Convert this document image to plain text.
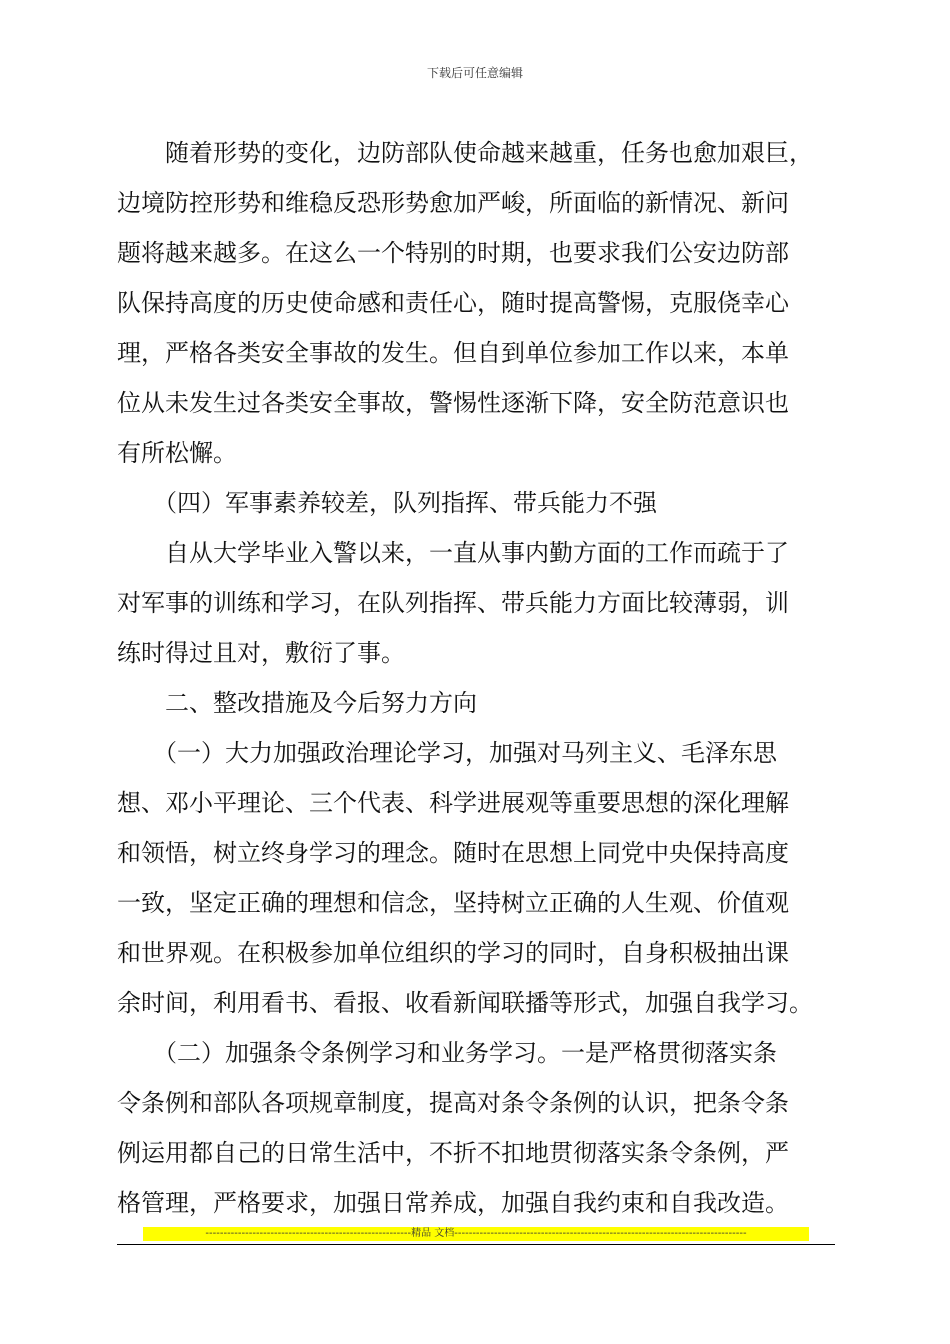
下载后可任意编辑

　　随着形势的变化，边防部队使命越来越重，任务也愈加艰巨，
边境防控形势和维稳反恐形势愈加严峻，所面临的新情况、新问
题将越来越多。在这么一个特别的时期，也要求我们公安边防部
队保持高度的历史使命感和责任心，随时提高警惕，克服侥幸心
理，严格各类安全事故的发生。但自到单位参加工作以来，本单
位从未发生过各类安全事故，警惕性逐渐下降，安全防范意识也
有所松懈。

　　（四）军事素养较差，队列指挥、带兵能力不强

　　自从大学毕业入警以来，一直从事内勤方面的工作而疏于了
对军事的训练和学习，在队列指挥、带兵能力方面比较薄弱，训
练时得过且对，敷衍了事。

　　二、整改措施及今后努力方向

　　（一）大力加强政治理论学习，加强对马列主义、毛泽东思
想、邓小平理论、三个代表、科学进展观等重要思想的深化理解
和领悟，树立终身学习的理念。随时在思想上同党中央保持高度
一致，坚定正确的理想和信念，坚持树立正确的人生观、价值观
和世界观。在积极参加单位组织的学习的同时，自身积极抽出课
余时间，利用看书、看报、收看新闻联播等形式，加强自我学习。

　　（二）加强条令条例学习和业务学习。一是严格贯彻落实条
令条例和部队各项规章制度，提高对条令条例的认识，把条令条
例运用都自己的日常生活中，不折不扣地贯彻落实条令条例，严
格管理，严格要求，加强日常养成，加强自我约束和自我改造。

---------------------------------------------------------精品 文档---------------------------------------------------------------------------------
